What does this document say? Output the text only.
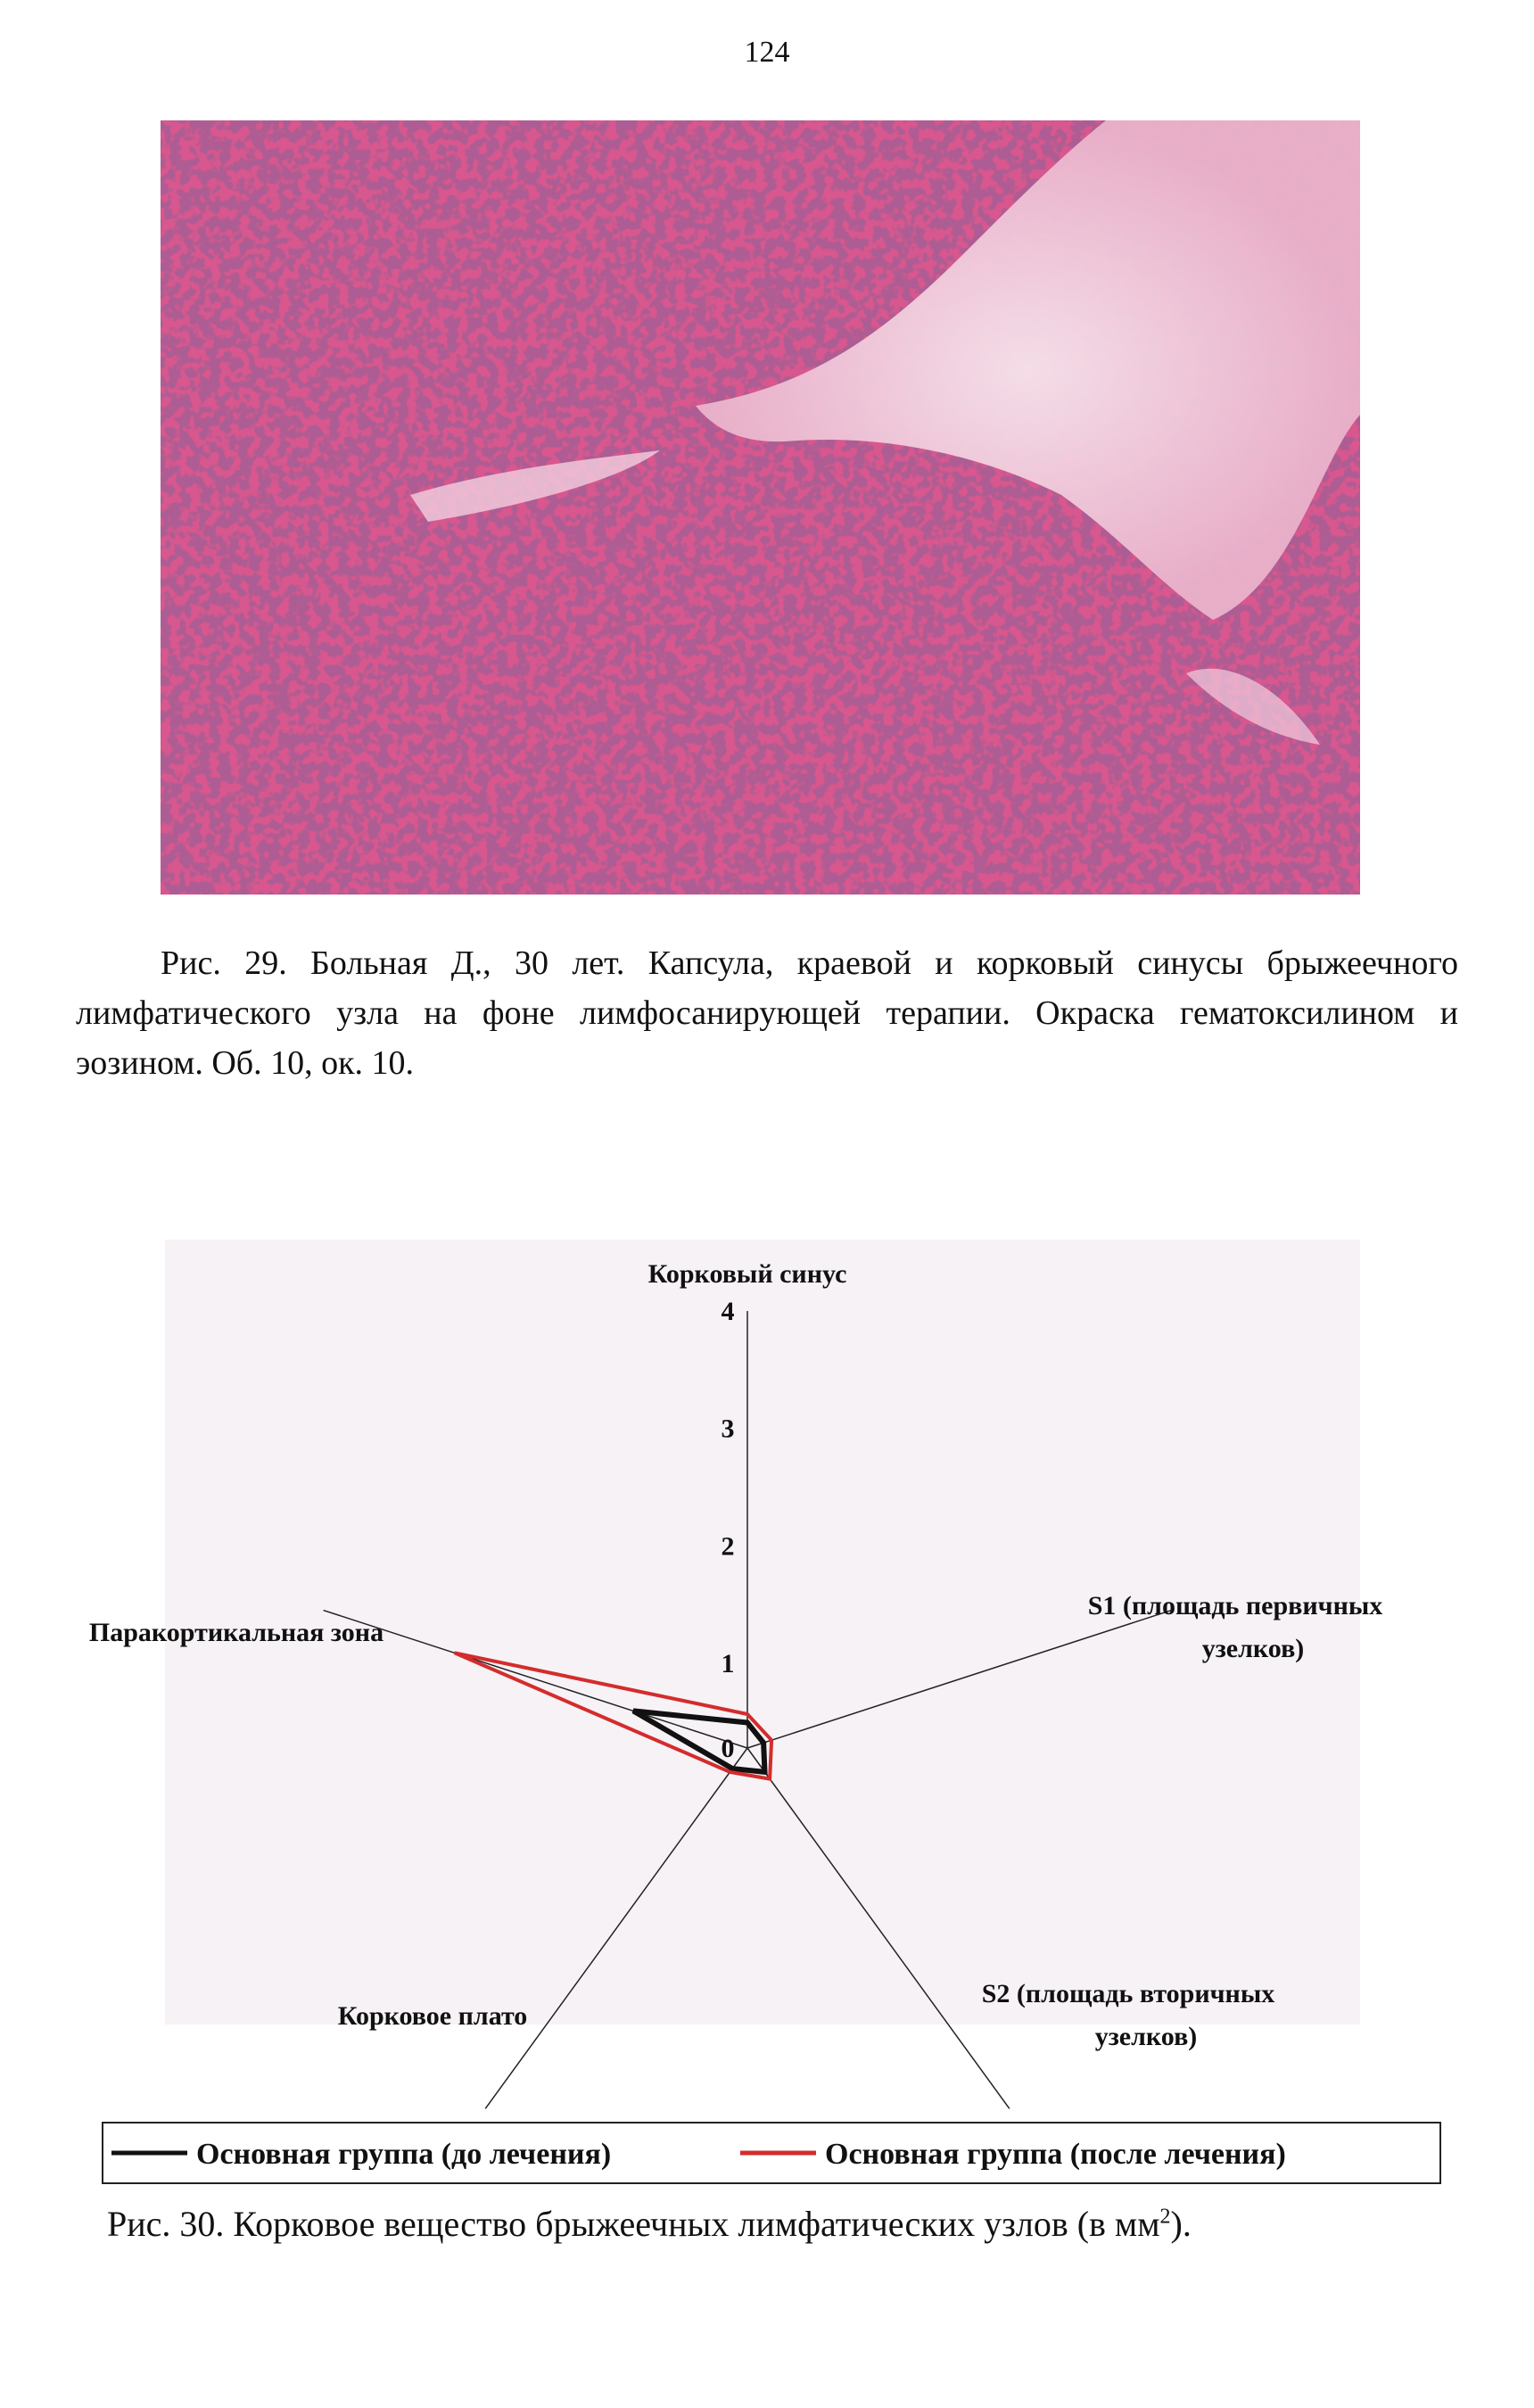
124
Рис. 29. Больная Д., 30 лет. Капсула, краевой и корковый синусы брыжеечного лимфатического узла на фоне лимфосанирующей терапии. Окраска гематоксилином и эозином. Об. 10, ок. 10.
0
1
2
3
4
Корковый синус
S1 (площадь первичных узелков)
S2 (площадь вторичных узелков)
Корковое плато
Паракортикальная зона
Основная группа (до лечения)	Основная группа (после лечения)
Рис. 30. Корковое вещество брыжеечных лимфатических узлов (в $мм^2$).
